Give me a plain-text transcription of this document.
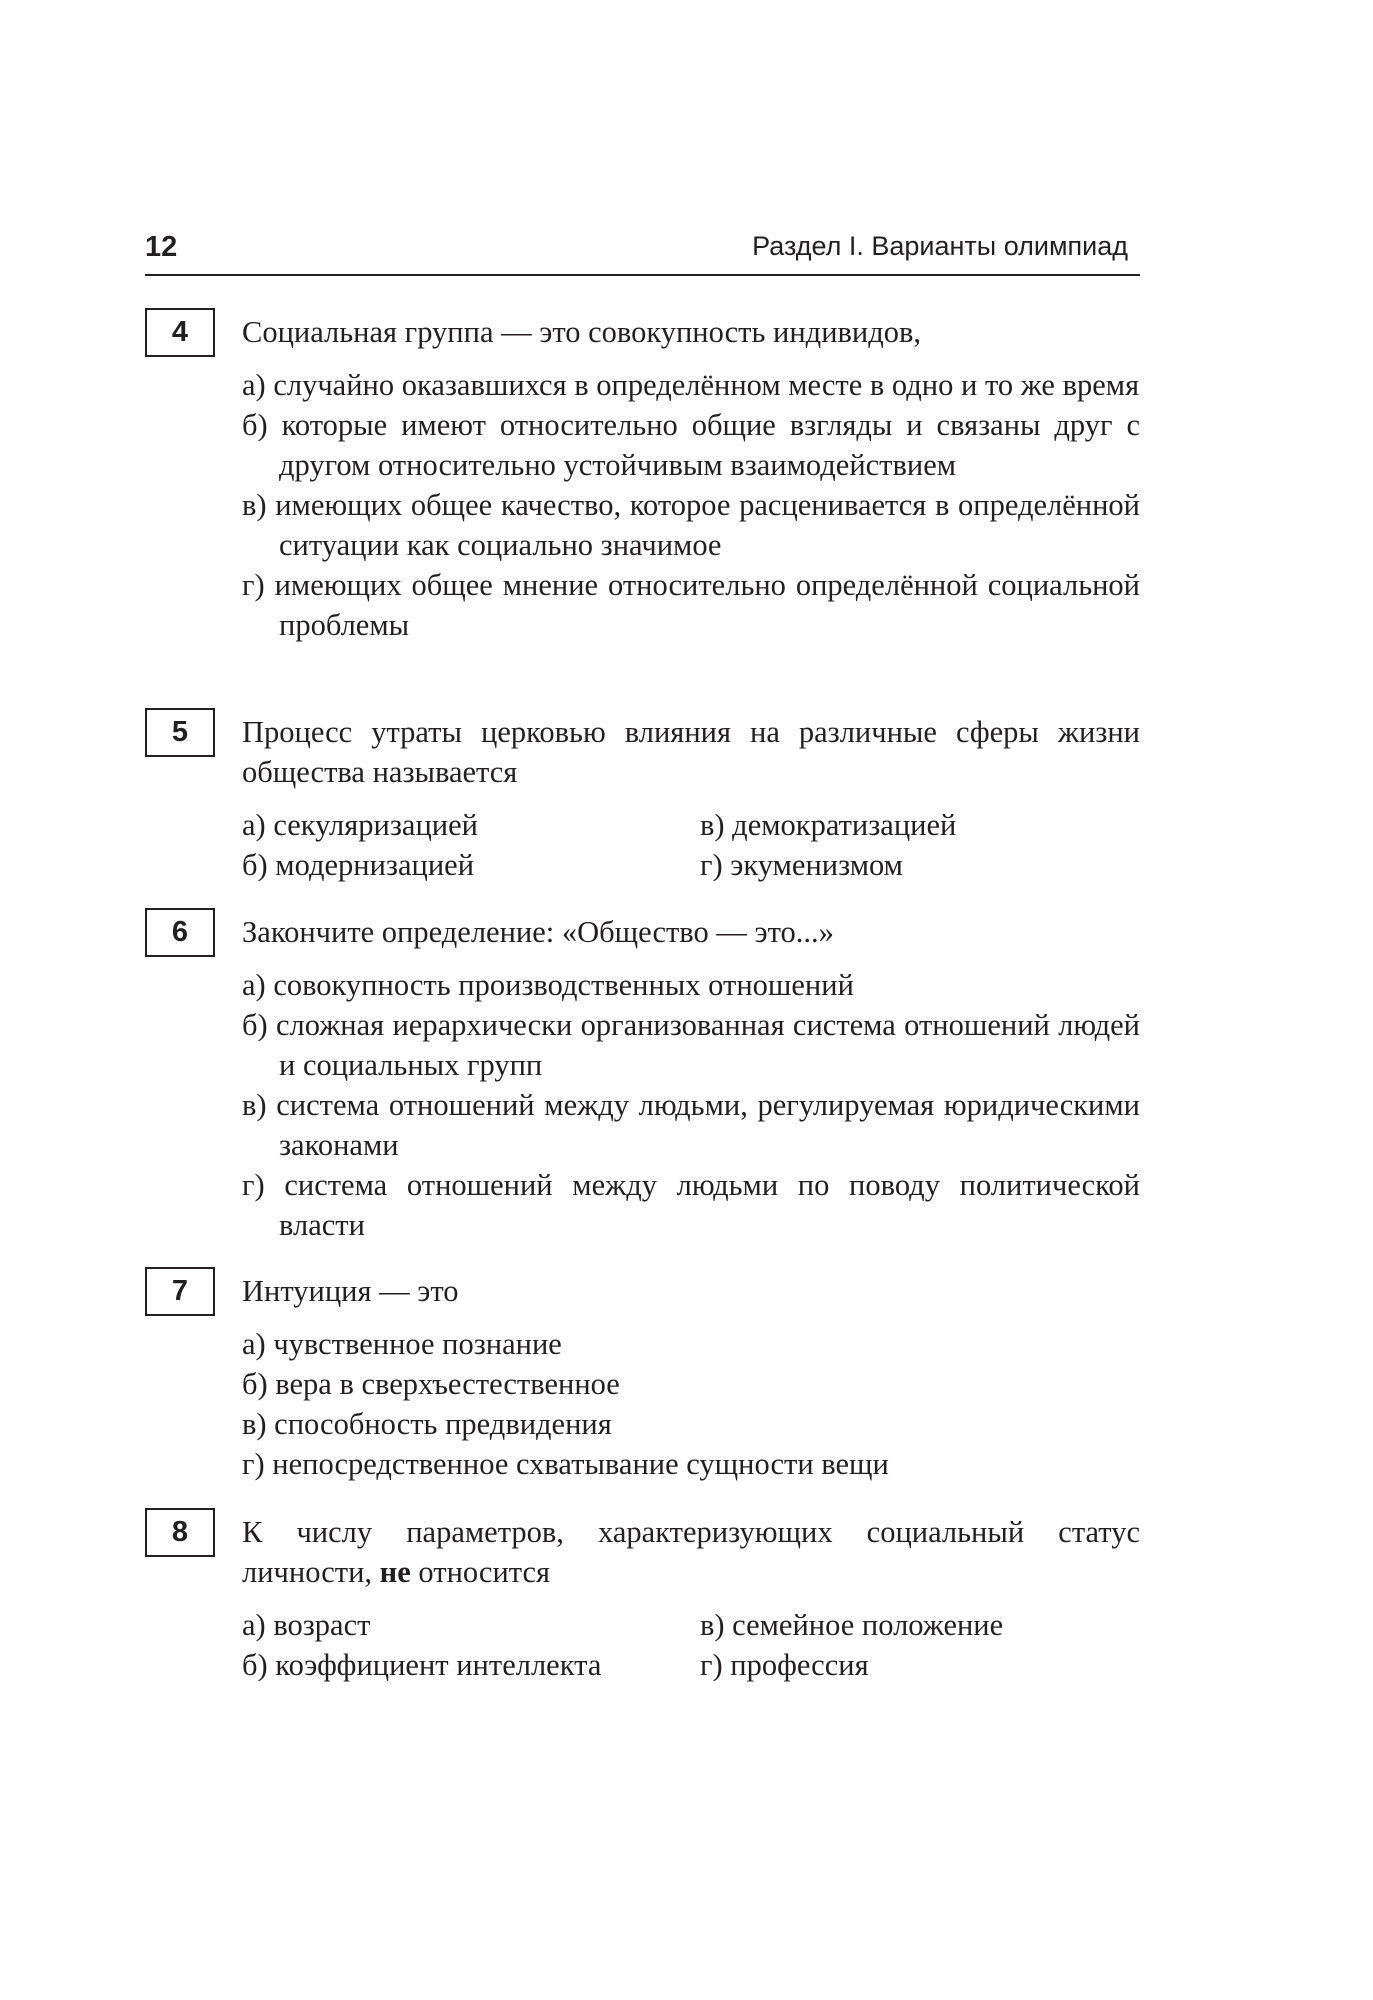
12	Раздел I. Варианты олимпиад
4	Социальная группа — это совокупность индивидов,
а) случайно оказавшихся в определённом месте в одно и то же время
б) которые имеют относительно общие взгляды и связаны друг с другом относительно устойчивым взаимодействием
в) имеющих общее качество, которое расценивается в определённой ситуации как социально значимое
г) имеющих общее мнение относительно определённой социальной проблемы
5	Процесс утраты церковью влияния на различные сферы жизни общества называется
а) секуляризацией	в) демократизацией
б) модернизацией	г) экуменизмом
6	Закончите определение: «Общество — это...»
а) совокупность производственных отношений
б) сложная иерархически организованная система отношений людей и социальных групп
в) система отношений между людьми, регулируемая юридическими законами
г) система отношений между людьми по поводу политической власти
7	Интуиция — это
а) чувственное познание
б) вера в сверхъестественное
в) способность предвидения
г) непосредственное схватывание сущности вещи
8	К числу параметров, характеризующих социальный статус личности, не относится
а) возраст	в) семейное положение
б) коэффициент интеллекта	г) профессия
